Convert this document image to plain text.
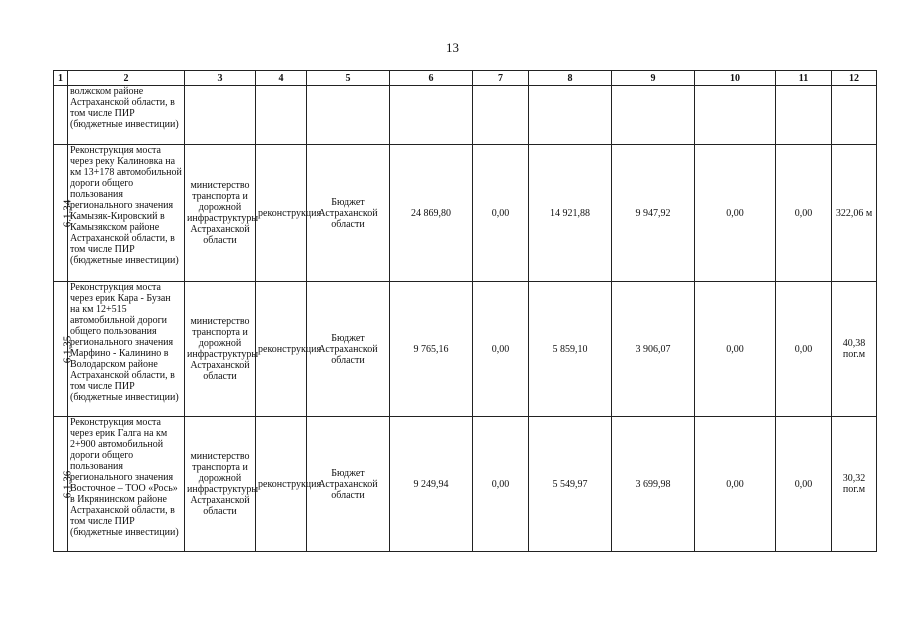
13
1	2	3	4	5	6	7	8	9	10	11	12
	волжском районе Астраханской области, в том числе ПИР (бюджетные инвестиции)										
6.1.34	Реконструкция моста через реку Калиновка на км 13+178 автомобильной дороги общего пользования регионального значения Камызяк-Кировский в Камызякском районе Астраханской области, в том числе ПИР (бюджетные инвестиции)	министерство транспорта и дорожной инфраструктуры Астраханской области	реконструкция	Бюджет Астраханской области	24 869,80	0,00	14 921,88	9 947,92	0,00	0,00	322,06 м
6.1.35	Реконструкция моста через ерик Кара - Бузан на км 12+515 автомобильной дороги общего пользования регионального значения Марфино - Калинино в Володарском районе Астраханской области, в том числе ПИР (бюджетные инвестиции)	министерство транспорта и дорожной инфраструктуры Астраханской области	реконструкция	Бюджет Астраханской области	9 765,16	0,00	5 859,10	3 906,07	0,00	0,00	40,38 пог.м
6.1.36	Реконструкция моста через ерик Галга на км 2+900 автомобильной дороги общего пользования регионального значения Восточное – ТОО «Рось» в Икрянинском районе Астраханской области, в том числе ПИР (бюджетные инвестиции)	министерство транспорта и дорожной инфраструктуры Астраханской области	реконструкция	Бюджет Астраханской области	9 249,94	0,00	5 549,97	3 699,98	0,00	0,00	30,32 пог.м
